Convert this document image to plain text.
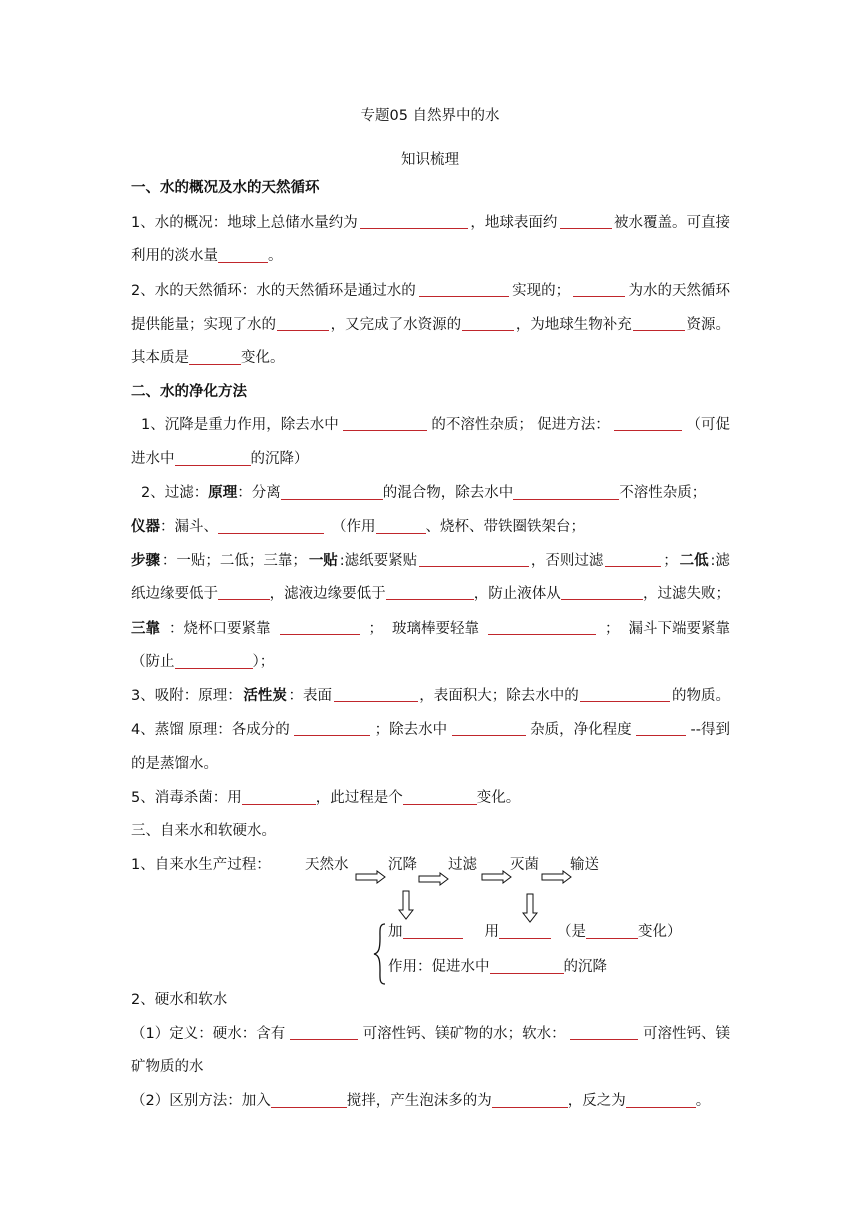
专题05 自然界中的水
知识梳理
一、水的概况及水的天然循环
1、水的概况：地球上总储水量约为	，地球表面约	被水覆盖。可直接
利用的淡水量	。
2、水的天然循环：水的天然循环是通过水的	实现的；	为水的天然循环
提供能量；实现了水的	，又完成了水资源的	，为地球生物补充	资源。
其本质是	变化。
二、水的净化方法
1、沉降是重力作用，除去水中	的不溶性杂质； 促进方法：	（可促
进水中	的沉降）
2、过滤：原理：分离	的混合物，除去水中	不溶性杂质；
仪器：漏斗、	（作用	、烧杯、带铁圈铁架台；
步骤 ：一贴；二低；三靠； 一贴 :滤纸要紧贴	，否则过滤	； 二低 :滤
纸边缘要低于	，滤液边缘要低于	，防止液体从	，过滤失败；
三靠 ：烧杯口要紧靠	； 玻璃棒要轻靠	； 漏斗下端要紧靠
（防止	）；
3、吸附：原理： 活性炭 ：表面	，表面积大；除去水中的	的物质。
4、蒸馏 原理：各成分的	；除去水中	杂质，净化程度	--得到
的是蒸馏水。
5、消毒杀菌：用	，此过程是个	变化。
三、自来水和软硬水。
1、自来水生产过程： 天然水	沉降 过滤 灭菌 输送
加	用	（是	变化）
作用：促进水中	的沉降
2、硬水和软水
（1）定义：硬水：含有	可溶性钙、镁矿物的水；软水：	可溶性钙、镁
矿物质的水
（2）区别方法：加入	搅拌，产生泡沫多的为	，反之为	。
